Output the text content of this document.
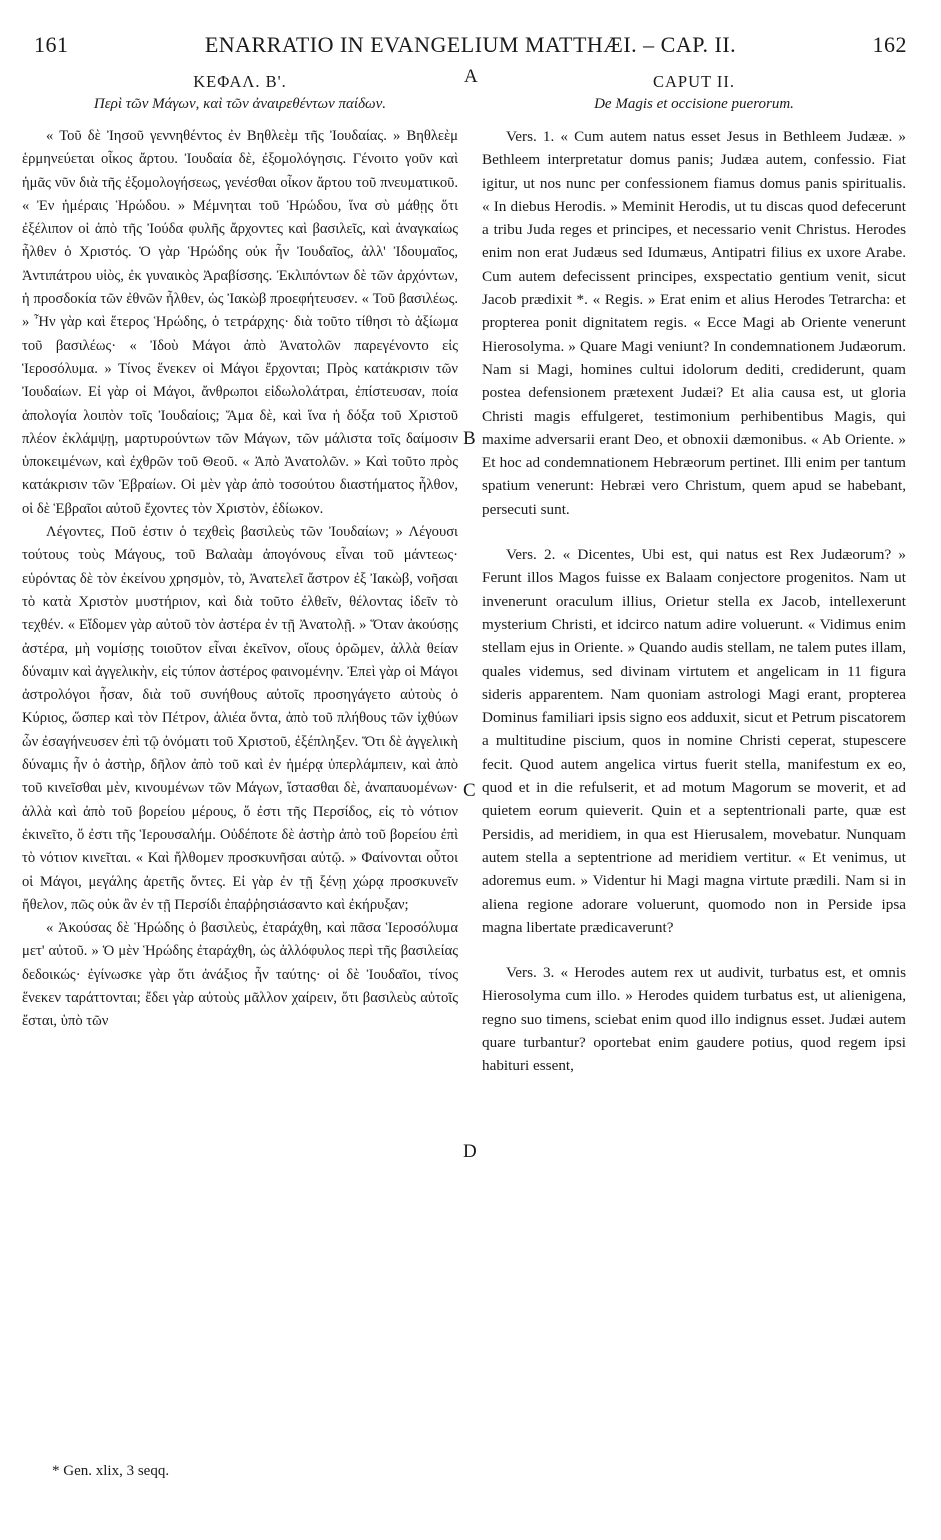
161	ENARRATIO IN EVANGELIUM MATTHÆI. – CAP. II.	162
A
B
C
D

ΚΕΦΑΛ. Β'.

Περὶ τῶν Μάγων, καὶ τῶν ἀναιρεθέντων παίδων.

« Τοῦ δὲ Ἰησοῦ γεννηθέντος ἐν Βηθλεὲμ τῆς Ἰουδαίας. » Βηθλεὲμ ἑρμηνεύεται οἶκος ἄρτου. Ἰουδαία δὲ, ἐξομολόγησις. Γένοιτο γοῦν καὶ ἡμᾶς νῦν διὰ τῆς ἐξομολογήσεως, γενέσθαι οἶκον ἄρτου τοῦ πνευματικοῦ. « Ἐν ἡμέραις Ἡρώδου. » Μέμνηται τοῦ Ἡρώδου, ἵνα σὺ μάθῃς ὅτι ἐξέλιπον οἱ ἀπὸ τῆς Ἰούδα φυλῆς ἄρχοντες καὶ βασιλεῖς, καὶ ἀναγκαίως ἦλθεν ὁ Χριστός. Ὁ γὰρ Ἡρώδης οὐκ ἦν Ἰουδαῖος, ἀλλ' Ἰδουμαῖος, Ἀντιπάτρου υἱὸς, ἐκ γυναικὸς Ἀραβίσσης. Ἐκλιπόντων δὲ τῶν ἀρχόντων, ἡ προσδοκία τῶν ἐθνῶν ἦλθεν, ὡς Ἰακὼβ προεφήτευσεν. « Τοῦ βασιλέως. » Ἦν γὰρ καὶ ἕτερος Ἡρώδης, ὁ τετράρχης· διὰ τοῦτο τίθησι τὸ ἀξίωμα τοῦ βασιλέως· « Ἰδοὺ Μάγοι ἀπὸ Ἀνατολῶν παρεγένοντο εἰς Ἱεροσόλυμα. » Τίνος ἕνεκεν οἱ Μάγοι ἔρχονται; Πρὸς κατάκρισιν τῶν Ἰουδαίων. Εἰ γὰρ οἱ Μάγοι, ἄνθρωποι εἰδωλολάτραι, ἐπίστευσαν, ποία ἀπολογία λοιπὸν τοῖς Ἰουδαίοις; Ἅμα δὲ, καὶ ἵνα ἡ δόξα τοῦ Χριστοῦ πλέον ἐκλάμψῃ, μαρτυρούντων τῶν Μάγων, τῶν μάλιστα τοῖς δαίμοσιν ὑποκειμένων, καὶ ἐχθρῶν τοῦ Θεοῦ. « Ἀπὸ Ἀνατολῶν. » Καὶ τοῦτο πρὸς κατάκρισιν τῶν Ἑβραίων. Οἱ μὲν γὰρ ἀπὸ τοσούτου διαστήματος ἦλθον, οἱ δὲ Ἑβραῖοι αὐτοῦ ἔχοντες τὸν Χριστὸν, ἐδίωκον.

Λέγοντες, Ποῦ ἐστιν ὁ τεχθεὶς βασιλεὺς τῶν Ἰουδαίων; » Λέγουσι τούτους τοὺς Μάγους, τοῦ Βαλαὰμ ἀπογόνους εἶναι τοῦ μάντεως· εὑρόντας δὲ τὸν ἐκείνου χρησμὸν, τὸ, Ἀνατελεῖ ἄστρον ἐξ Ἰακὼβ, νοῆσαι τὸ κατὰ Χριστὸν μυστήριον, καὶ διὰ τοῦτο ἐλθεῖν, θέλοντας ἰδεῖν τὸ τεχθέν. « Εἴδομεν γὰρ αὐτοῦ τὸν ἀστέρα ἐν τῇ Ἀνατολῇ. » Ὅταν ἀκούσῃς ἀστέρα, μὴ νομίσῃς τοιοῦτον εἶναι ἐκεῖνον, οἵους ὁρῶμεν, ἀλλὰ θείαν δύναμιν καὶ ἀγγελικὴν, εἰς τύπον ἀστέρος φαινομένην. Ἐπεὶ γὰρ οἱ Μάγοι ἀστρολόγοι ἦσαν, διὰ τοῦ συνήθους αὐτοῖς προσηγάγετο αὐτοὺς ὁ Κύριος, ὥσπερ καὶ τὸν Πέτρον, ἁλιέα ὄντα, ἀπὸ τοῦ πλήθους τῶν ἰχθύων ὧν ἐσαγήνευσεν ἐπὶ τῷ ὀνόματι τοῦ Χριστοῦ, ἐξέπληξεν. Ὅτι δὲ ἀγγελικὴ δύναμις ἦν ὁ ἀστὴρ, δῆλον ἀπὸ τοῦ καὶ ἐν ἡμέρᾳ ὑπερλάμπειν, καὶ ἀπὸ τοῦ κινεῖσθαι μὲν, κινουμένων τῶν Μάγων, ἵστασθαι δὲ, ἀναπαυομένων· ἀλλὰ καὶ ἀπὸ τοῦ βορείου μέρους, ὅ ἐστι τῆς Περσίδος, εἰς τὸ νότιον ἐκινεῖτο, ὅ ἐστι τῆς Ἱερουσαλήμ. Οὐδέποτε δὲ ἀστὴρ ἀπὸ τοῦ βορείου ἐπὶ τὸ νότιον κινεῖται. « Καὶ ἤλθομεν προσκυνῆσαι αὐτῷ. » Φαίνονται οὗτοι οἱ Μάγοι, μεγάλης ἀρετῆς ὄντες. Εἰ γὰρ ἐν τῇ ξένῃ χώρᾳ προσκυνεῖν ἤθελον, πῶς οὐκ ἂν ἐν τῇ Περσίδι ἐπαῤῥησιάσαντο καὶ ἐκήρυξαν;

« Ἀκούσας δὲ Ἡρώδης ὁ βασιλεὺς, ἐταράχθη, καὶ πᾶσα Ἱεροσόλυμα μετ' αὐτοῦ. » Ὁ μὲν Ἡρώδης ἐταράχθη, ὡς ἀλλόφυλος περὶ τῆς βασιλείας δεδοικώς· ἐγίνωσκε γὰρ ὅτι ἀνάξιος ἦν ταύτης· οἱ δὲ Ἰουδαῖοι, τίνος ἕνεκεν ταράττονται; ἔδει γὰρ αὐτοὺς μᾶλλον χαίρειν, ὅτι βασιλεὺς αὐτοῖς ἔσται, ὑπὸ τῶν

CAPUT II.

De Magis et occisione puerorum.

Vers. 1. « Cum autem natus esset Jesus in Bethleem Judææ. » Bethleem interpretatur domus panis; Judæa autem, confessio. Fiat igitur, ut nos nunc per confessionem fiamus domus panis spiritualis. « In diebus Herodis. » Meminit Herodis, ut tu discas quod defecerunt a tribu Juda reges et principes, et necessario venit Christus. Herodes enim non erat Judæus sed Idumæus, Antipatri filius ex uxore Arabe. Cum autem defecissent principes, exspectatio gentium venit, sicut Jacob prædixit *. « Regis. » Erat enim et alius Herodes Tetrarcha: et propterea ponit dignitatem regis. « Ecce Magi ab Oriente venerunt Hierosolyma. » Quare Magi veniunt? In condemnationem Judæorum. Nam si Magi, homines cultui idolorum dediti, crediderunt, quam postea defensionem prætexent Judæi? Et alia causa est, ut gloria Christi magis effulgeret, testimonium perhibentibus Magis, qui maxime adversarii erant Deo, et obnoxii dæmonibus. « Ab Oriente. » Et hoc ad condemnationem Hebræorum pertinet. Illi enim per tantum spatium venerunt: Hebræi vero Christum, quem apud se habebant, persecuti sunt.

Vers. 2. « Dicentes, Ubi est, qui natus est Rex Judæorum? » Ferunt illos Magos fuisse ex Balaam conjectore progenitos. Nam ut invenerunt oraculum illius, Orietur stella ex Jacob, intellexerunt mysterium Christi, et idcirco natum adire voluerunt. « Vidimus enim stellam ejus in Oriente. » Quando audis stellam, ne talem putes illam, quales videmus, sed divinam virtutem et angelicam in 11 figura sideris apparentem. Nam quoniam astrologi Magi erant, propterea Dominus familiari ipsis signo eos adduxit, sicut et Petrum piscatorem a multitudine piscium, quos in nomine Christi ceperat, stupescere fecit. Quod autem angelica virtus fuerit stella, manifestum ex eo, quod et in die refulserit, et ad motum Magorum se moverit, et ad quietem eorum quieverit. Quin et a septentrionali parte, quæ est Persidis, ad meridiem, in qua est Hierusalem, movebatur. Nunquam autem stella a septentrione ad meridiem vertitur. « Et venimus, ut adoremus eum. » Videntur hi Magi magna virtute prædili. Nam si in aliena regione adorare voluerunt, quomodo non in Perside ipsa magna libertate prædicaverunt?

Vers. 3. « Herodes autem rex ut audivit, turbatus est, et omnis Hierosolyma cum illo. » Herodes quidem turbatus est, ut alienigena, regno suo timens, sciebat enim quod illo indignus esset. Judæi autem quare turbantur? oportebat enim gaudere potius, quod regem ipsi habituri essent,

* Gen. xlix, 3 seqq.
